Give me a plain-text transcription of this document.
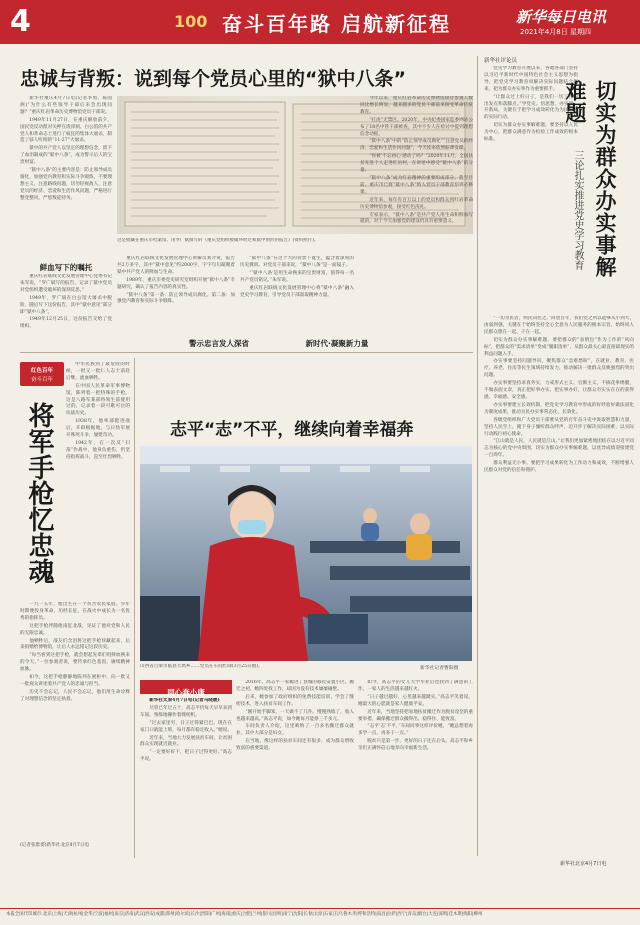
4	100 奋斗百年路 启航新征程	新华每日电讯
2021年4月8日 星期四
忠诚与背叛：说到每个党员心里的“狱中八条”
这是收藏在重庆市档案馆、由罗广斌撰写的《重庆党组织被破坏经过和狱中情形的报告》(资料照片)。

新华社重庆4月7日电(记者李勇、陈国洲)“为什么有些领导干部后来会出现问题？”重庆红岩革命历史博物馆党员干部说。

1949年11月27日，在重庆解放前夕，国民党反动派对关押在渣滓洞、白公馆的共产党人和革命志士进行了疯狂的集体大屠杀，制造了骇人听闻的“11·27”大屠杀。

狱中的共产党人以坚定的理想信念，留下了血泪凝成的“狱中八条”，成为警示后人的宝贵财富。

“狱中八条”的主要内容是：防止领导成员腐化，加强党内教育和实际斗争锻炼，不要理想主义，注意路线问题，切勿轻视敌人，注意党员的经济、恋爱和生活作风问题，严格进行整党整风，严惩叛徒特务。

鲜血写下的嘱托

重庆红岩联线文化发展管理中心党委书记朱军说，“罗广斌写的报告，记录了狱中党员对党组织遭受破坏的深刻反思。”

1949年，罗广斌在白公馆大屠杀中脱险，随后写下这份报告，其中“狱中意见”部分即“狱中八条”。

1949年12月25日，这份报告交给了党组织。

重庆红岩联线文化发展管理中心讲解员刘介说，报告共2万多字，其中“狱中意见”约2000字，字字句句凝聚着狱中共产党人的鲜血与生命。

1989年，重庆市委党史研究室组织开展“狱中八条”专题研究，确认了报告内容的真实性。

“狱中八条”第一条：防止领导成员腐化。第二条：加强党内教育和实际斗争锻炼。

警示忠言发人深省

“狱中八条”在这个大的背景下诞生，蕴含着深刻的历史教训。对党员干部来说，“狱中八条”是一面镜子。

“‘狱中八条’是用生命换来的宝贵财富，值得每一名共产党员铭记。”朱军说。

重庆红岩联线文化发展管理中心将“狱中八条”融入党史学习教育，引导党员干部汲取精神力量。

新时代·凝聚新力量

今年以来，重庆红岩革命历史博物馆接待参观人数同比增长明显，越来越多的党员干部前来接受革命传统教育。

“打虎”无禁区。2020年，中央纪委国家监委网站公布了18名中管干部被查，其中不少人在检讨中提到理想信念动摇。

“狱中八条”中的“防止领导成员腐化”“注意党员的经济、恋爱和生活作风问题”，今天读来依然振聋发聩。

“你被‘不忘初心’感动了吗？”2020年11月，全国扶贫先进个人走进红岩村，在讲述中感受“狱中八条”的分量。

“狱中八条”成为红岩精神的重要组成部分。截至目前，重庆市已将“狱中八条”纳入党员干部教育培训必修课。

近年来，每年有百万以上的党员和群众到红岩革命历史博物馆参观，接受红色洗礼。

专家表示，“狱中八条”是共产党人用生命和鲜血写就的，对于今天加强党的建设仍具有重要意义。

新华社评论员

党史学习教育开展以来，各地各部门坚持以习近平新时代中国特色社会主义思想为指导，把党史学习教育同解决实际问题结合起来，把为群众办实事作为重要抓手。

“让群众过上好日子，是我们一切工作的出发点和落脚点。”学党史、悟思想、办实事、开新局，关键在于把学习成效转化为为民服务的实际行动。

切实为群众办实事解难题，要坚持以人民为中心，把群众满意作为检验工作成效的根本标准。	切实为群众办实事解难题
三论扎实推进党史学习教育

“一切为民者，则民向往之。”回望百年，我们党之所以能够从小到大、由弱到强，关键在于始终坚持全心全意为人民服务的根本宗旨，始终同人民群众想在一起、干在一起。

切实为群众办实事解难题，要把群众的“表情包”作为工作的“风向标”，把群众的“需求清单”变成“履职清单”，从群众最关心最直接最现实的利益问题入手。

办实事要坚持问题导向，聚焦群众“急难愁盼”，在就业、教育、医疗、养老、住房等民生领域持续发力，推动解决一批群众反映强烈的突出问题。

办实事要坚持求真务实，力戒形式主义、官僚主义，不搞花拳绣腿，不做表面文章，真正把好事办实、把实事办好，让群众有实实在在的获得感、幸福感、安全感。

办实事要建立长效机制，把党史学习教育中形成的好经验好做法固化为制度成果，推动为民办实事常态化、长效化。

各级党组织和广大党员干部要从党的百年奋斗史中汲取智慧和力量，坚持人民至上，俯下身子倾听群众呼声，迈开步子解决实际困难，以实际行动践行初心使命。

“江山就是人民，人民就是江山。”让我们更加紧密地团结在以习近平同志为核心的党中央周围，切实为群众办实事解难题，以优异成绩迎接建党一百周年。

群众利益无小事。要把学习成果转化为工作动力和成效，不断增强人民群众对党的信任和拥护。

新华社北京4月7日电
红色百年
奋斗百年
将军手枪忆忠魂

中华民族到了最危险的时候，一批又一批仁人志士前赴后继，流血牺牲。

在中国人民革命军事博物馆，陈列着一把特殊的手枪。这是八路军某部将领生前使用过的，记录着一段可歌可泣的抗战历史。

1938年，他率部挺进敌后，开辟根据地，与日伪军展开殊死斗争，屡建奇功。

1942年，在一次反“扫荡”作战中，他身负重伤，仍坚持指挥战斗，直至壮烈牺牲。

一九一五年，他出生在一个贫苦农民家庭。少年时期便投身革命，历经长征，在战火中成长为一名优秀的指挥员。

这把手枪伴随他南征北战，见证了他对党和人民的无限忠诚。

他牺牲后，战友们含泪将这把手枪珍藏起来，后来捐赠给博物馆，让后人永远铭记这段历史。

“每当看到这把手枪，就会想起先辈们用鲜血换来的今天。”一位参观者说，要传承红色基因，赓续精神血脉。

如今，这把手枪静静地陈列在展柜中，向一批又一批观众讲述着共产党人的忠诚与担当。

历史不会忘记，人民不会忘记。他们用生命诠释了对理想信念的坚定执着。

(记者张紫赟)新华社北京4月7日电
志平“志”不平，继续向着幸福奔
山西省吕梁市临县大禹乡……党员在车间忙碌(3月25日摄)。	新华社记者曹阳摄
同心奔小康

新华社太原4月7日电(记者马晓媛)

尽管已年过五十，高志平仍每天早早来到车间，熟练地操作着缝纫机。

“过去家里穷，日子过得紧巴巴。现在在家门口就能上班，每月都有稳定收入。”她说。

近年来，当地大力发展扶贫车间，让贫困群众实现就近就业。

“一定要好好干，把日子过得更好。”高志平说。

2016年，高志平一家搬进了县城的移民安置小区。搬迁之初，她四处找工作，却因为没有技术屡屡碰壁。

后来，她参加了政府组织的免费技能培训，学会了缝纫技术，进入扶贫车间工作。

“刚开始手脚笨，一天做不了几件。慢慢熟练了，收入也越来越高。”高志平说，如今她每月能挣三千多元。

车间负责人介绍，这里吸纳了一百多名搬迁群众就业，其中大部分是妇女。

在当地，像这样的扶贫车间还有很多，成为群众增收致富的重要渠道。

如今，高志平的女儿大学毕业后也找到了满意的工作，一家人的生活越来越红火。

“日子越过越好，心里越来越踏实。”高志平笑着说，她最大的心愿就是家人健康平安。

近年来，当地坚持把易地扶贫搬迁作为脱贫攻坚的重要举措，确保搬迁群众搬得出、稳得住、能致富。

“志平‘志’不平，”车间同事这样评价她，“她总想着再多学一点，再多干一点。”

脱贫只是第一步，更好的日子还在后头。高志平和乡亲们正满怀信心地奔向幸福新生活。

本报全国代印城市:北京|上海|天津|杭州|金华|宁波|福州|南京|济南|武汉|西安|成都|郑州|哈尔滨|长沙|贵阳|广州|海南|重庆|合肥|兰州|银川|昆明|南宁|沈阳|长春|太原|石家庄|乌鲁木齐|呼和浩特|南昌|拉萨|西宁|青岛|烟台|大连|深圳|佳木斯|绵阳|柳州
